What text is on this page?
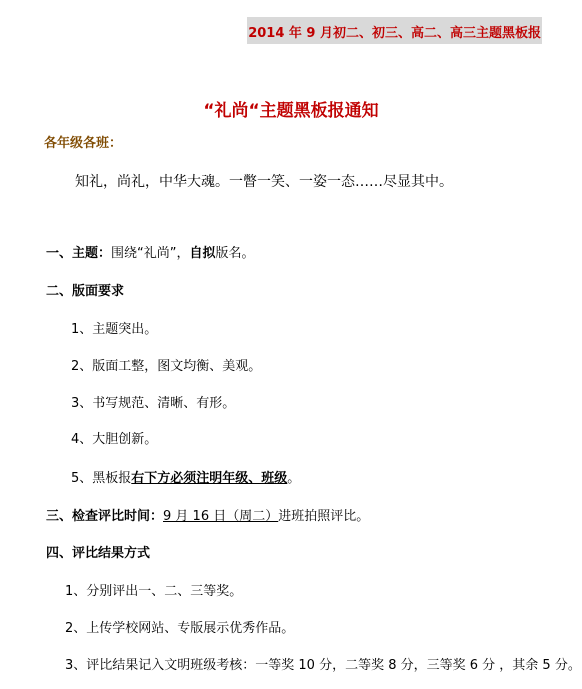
2014 年 9 月初二、初三、高二、高三主题黑板报
“礼尚“主题黑板报通知
各年级各班：
知礼，尚礼，中华大魂。一瞥一笑、一姿一态……尽显其中。
一、主题：围绕“礼尚”，自拟版名。
二、版面要求
1、主题突出。
2、版面工整，图文均衡、美观。
3、书写规范、清晰、有形。
4、大胆创新。
5、黑板报右下方必须注明年级、班级。
三、检查评比时间：9 月 16 日（周二）进班拍照评比。
四、评比结果方式
1、分别评出一、二、三等奖。
2、上传学校网站、专版展示优秀作品。
3、评比结果记入文明班级考核：一等奖 10 分，二等奖 8 分，三等奖 6 分 ，其余 5 分。
